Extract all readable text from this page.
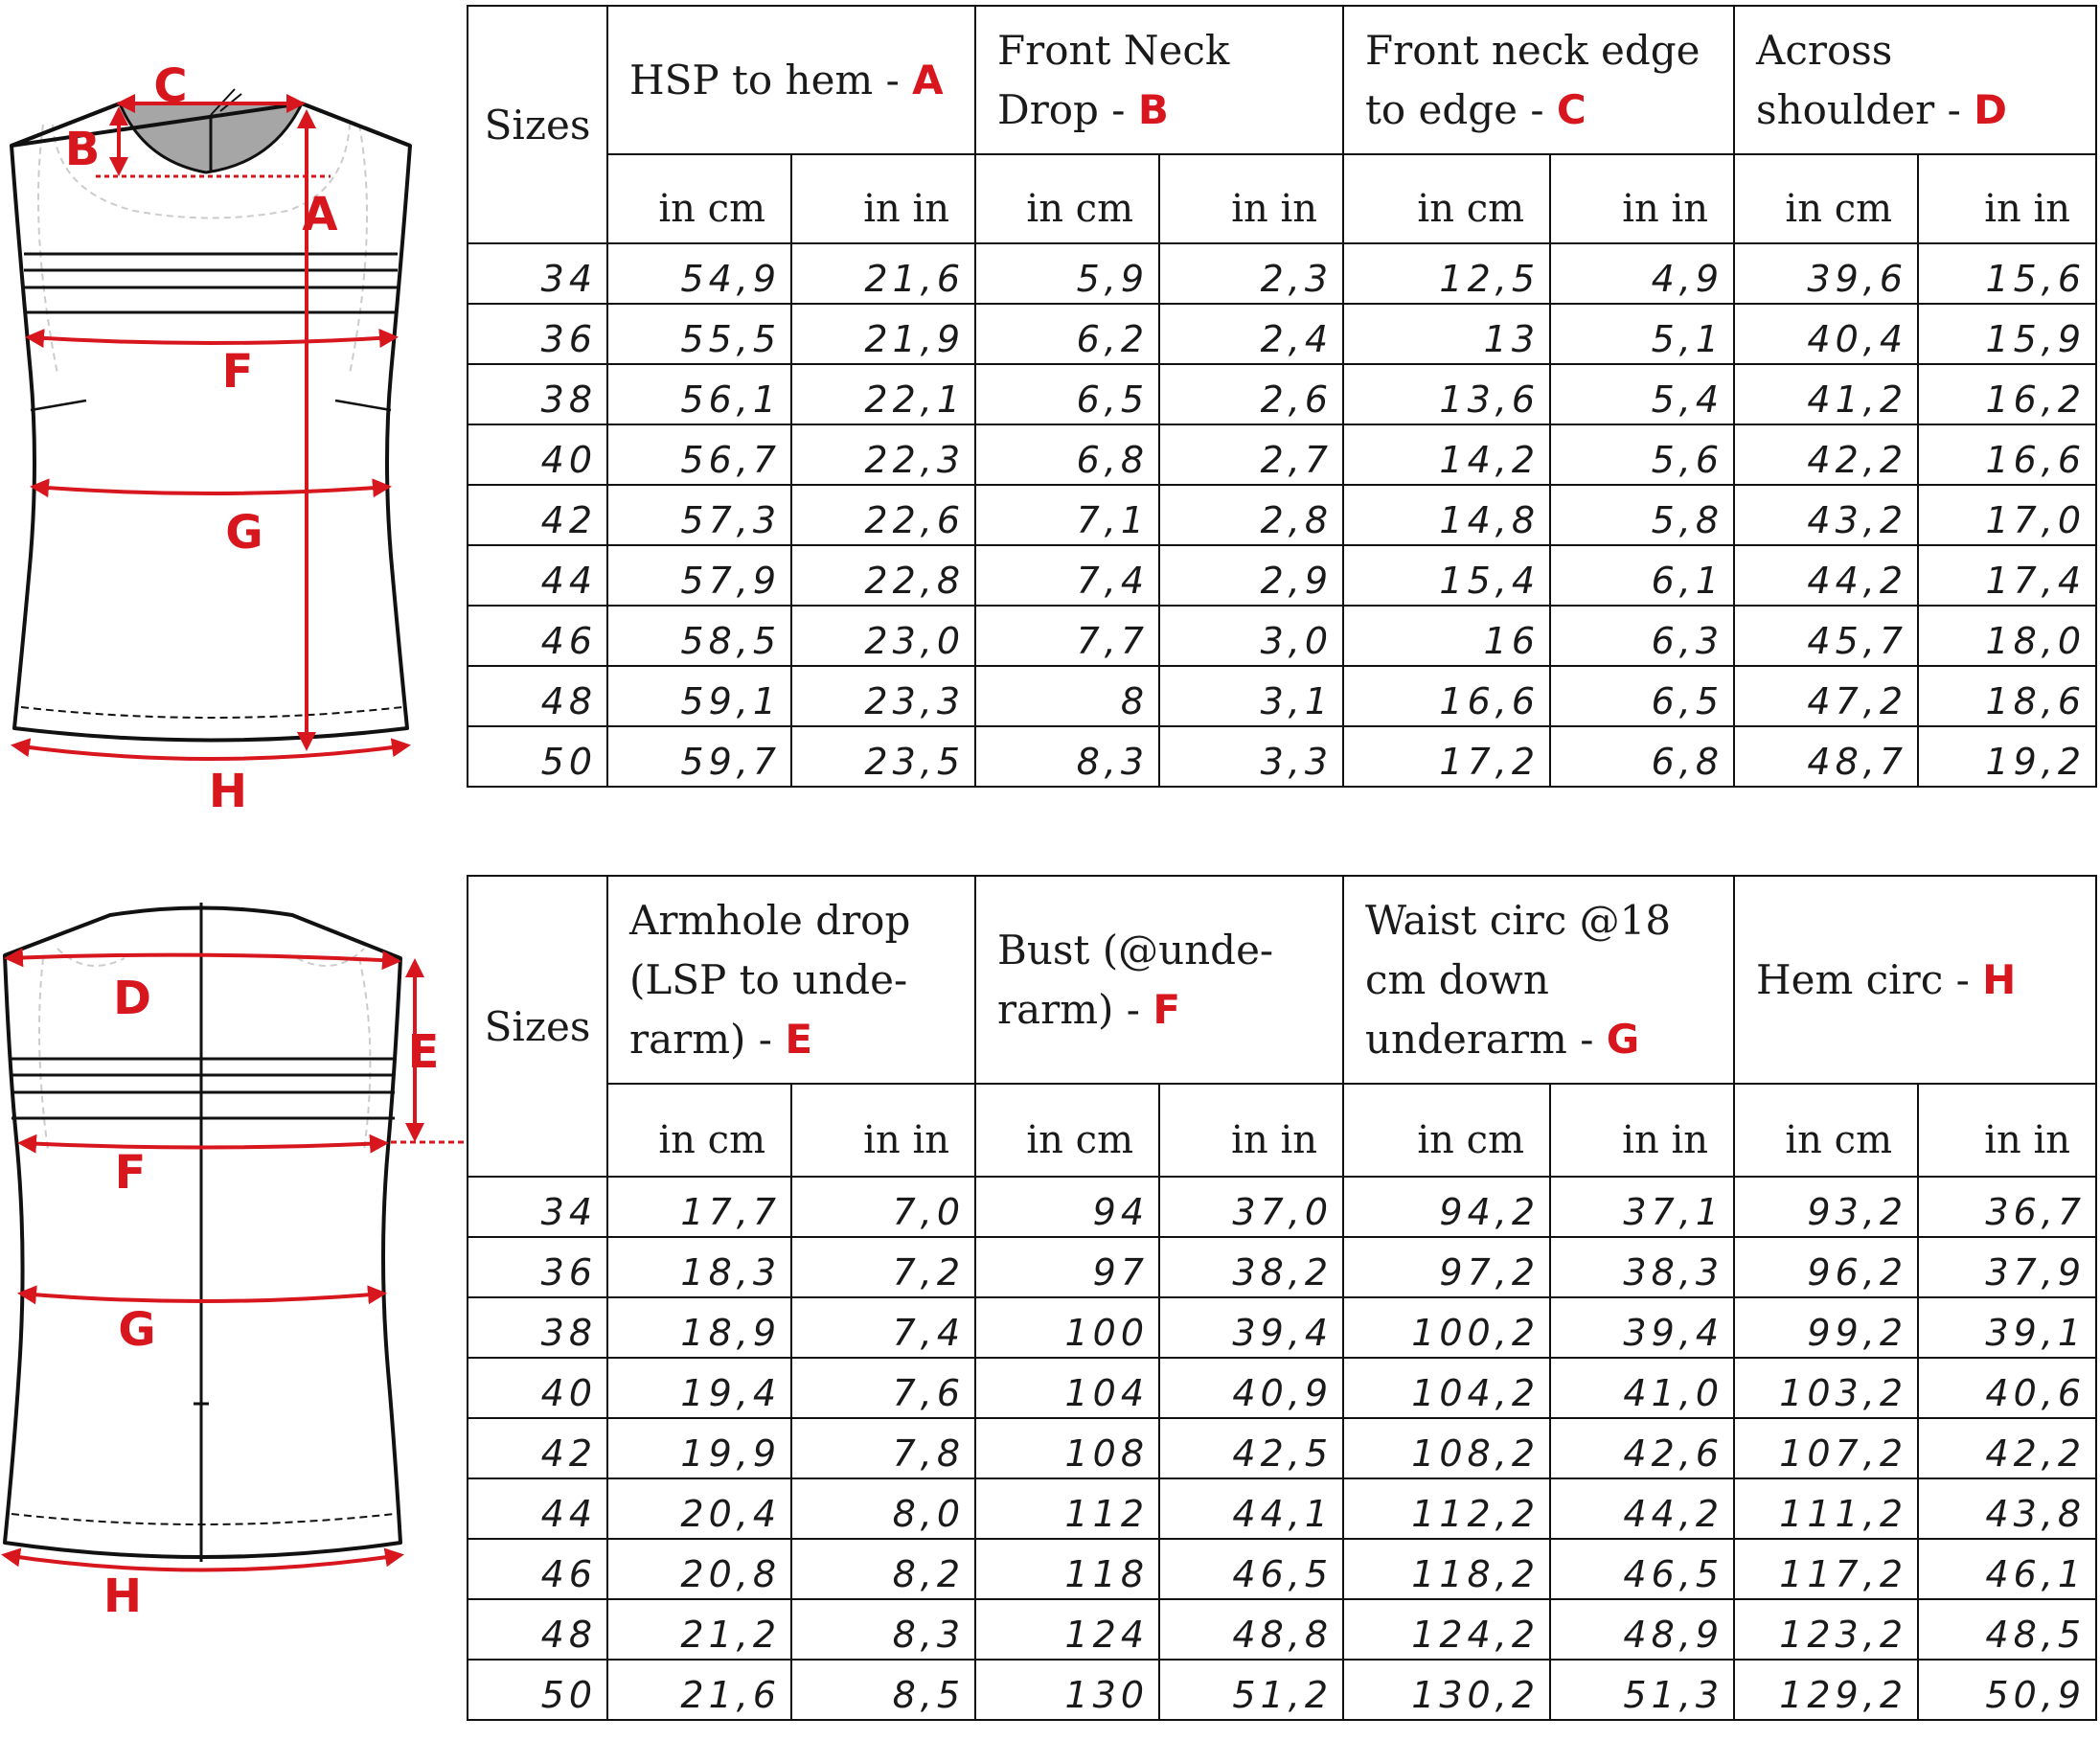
C
B
A
F
G
H
D
E
F
G
H
Sizes	HSP to hem - A		Front Neck Drop - B		Front neck edge to edge - C		Across shoulder - D	
	in cm	in in	in cm	in in	in cm	in in	in cm	in in
34	54,9	21,6	5,9	2,3	12,5	4,9	39,6	15,6
36	55,5	21,9	6,2	2,4	13	5,1	40,4	15,9
38	56,1	22,1	6,5	2,6	13,6	5,4	41,2	16,2
40	56,7	22,3	6,8	2,7	14,2	5,6	42,2	16,6
42	57,3	22,6	7,1	2,8	14,8	5,8	43,2	17,0
44	57,9	22,8	7,4	2,9	15,4	6,1	44,2	17,4
46	58,5	23,0	7,7	3,0	16	6,3	45,7	18,0
48	59,1	23,3	8	3,1	16,6	6,5	47,2	18,6
50	59,7	23,5	8,3	3,3	17,2	6,8	48,7	19,2
Sizes	Armhole drop (LSP to unde-rarm) - E		Bust (@unde-rarm) - F		Waist circ @18 cm down underarm - G		Hem circ - H	
	in cm	in in	in cm	in in	in cm	in in	in cm	in in
34	17,7	7,0	94	37,0	94,2	37,1	93,2	36,7
36	18,3	7,2	97	38,2	97,2	38,3	96,2	37,9
38	18,9	7,4	100	39,4	100,2	39,4	99,2	39,1
40	19,4	7,6	104	40,9	104,2	41,0	103,2	40,6
42	19,9	7,8	108	42,5	108,2	42,6	107,2	42,2
44	20,4	8,0	112	44,1	112,2	44,2	111,2	43,8
46	20,8	8,2	118	46,5	118,2	46,5	117,2	46,1
48	21,2	8,3	124	48,8	124,2	48,9	123,2	48,5
50	21,6	8,5	130	51,2	130,2	51,3	129,2	50,9
